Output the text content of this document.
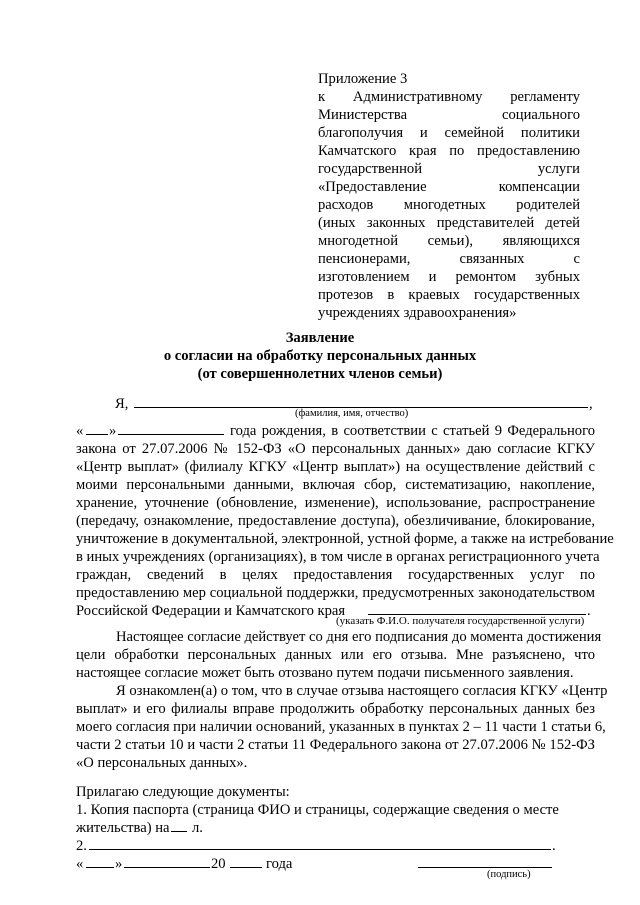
Приложение 3
к Административному регламенту
Министерства социального
благополучия и семейной политики
Камчатского края по предоставлению
государственной услуги
«Предоставление компенсации
расходов многодетных родителей
(иных законных представителей детей
многодетной семьи), являющихся
пенсионерами, связанных с
изготовлением и ремонтом зубных
протезов в краевых государственных
учреждениях здравоохранения»
Заявление
о согласии на обработку персональных данных
(от совершеннолетних членов семьи)
Я,	,
(фамилия, имя, отчество)
« »	года рождения, в соответствии с статьей 9 Федерального
закона от 27.07.2006 № 152-ФЗ «О персональных данных» даю согласие КГКУ
«Центр выплат» (филиалу КГКУ «Центр выплат») на осуществление действий с
моими персональными данными, включая сбор, систематизацию, накопление,
хранение, уточнение (обновление, изменение), использование, распространение
(передачу, ознакомление, предоставление доступа), обезличивание, блокирование,
уничтожение в документальной, электронной, устной форме, а также на истребование
в иных учреждениях (организациях), в том числе в органах регистрационного учета
граждан, сведений в целях предоставления государственных услуг по
предоставлению мер социальной поддержки, предусмотренных законодательством
Российской Федерации и Камчатского края	.
(указать Ф.И.О. получателя государственной услуги)
Настоящее согласие действует со дня его подписания до момента достижения
цели обработки персональных данных или его отзыва. Мне разъяснено, что
настоящее согласие может быть отозвано путем подачи письменного заявления.
Я ознакомлен(а) о том, что в случае отзыва настоящего согласия КГКУ «Центр
выплат» и его филиалы вправе продолжить обработку персональных данных без
моего согласия при наличии оснований, указанных в пунктах 2 – 11 части 1 статьи 6,
части 2 статьи 10 и части 2 статьи 11 Федерального закона от 27.07.2006 № 152-ФЗ
«О персональных данных».
Прилагаю следующие документы:
1. Копия паспорта (страница ФИО и страницы, содержащие сведения о месте
жительства) на л.
2.	.
« »	20	года
(подпись)
